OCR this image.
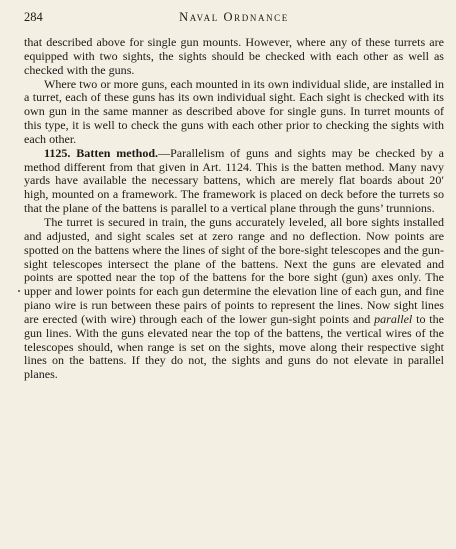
284	Naval Ordnance

that described above for single gun mounts. However, where any of these turrets are equipped with two sights, the sights should be checked with each other as well as checked with the guns.

Where two or more guns, each mounted in its own individual slide, are installed in a turret, each of these guns has its own individual sight. Each sight is checked with its own gun in the same manner as described above for single guns. In turret mounts of this type, it is well to check the guns with each other prior to checking the sights with each other.

1125. Batten method.—Parallelism of guns and sights may be checked by a method different from that given in Art. 1124. This is the batten method. Many navy yards have available the necessary battens, which are merely flat boards about 20′ high, mounted on a framework. The framework is placed on deck before the turrets so that the plane of the battens is parallel to a vertical plane through the guns’ trunnions.

The turret is secured in train, the guns accurately leveled, all bore sights installed and adjusted, and sight scales set at zero range and no deflection. Now points are spotted on the battens where the lines of sight of the bore-sight telescopes and the gun-sight telescopes intersect the plane of the battens. Next the guns are elevated and points are spotted near the top of the battens for the bore sight (gun) axes only. The upper and lower points for each gun determine the elevation line of each gun, and fine piano wire is run between these pairs of points to represent the lines. Now sight lines are erected (with wire) through each of the lower gun-sight points and parallel to the gun lines. With the guns elevated near the top of the battens, the vertical wires of the telescopes should, when range is set on the sights, move along their respective sight lines on the battens. If they do not, the sights and guns do not elevate in parallel planes.
